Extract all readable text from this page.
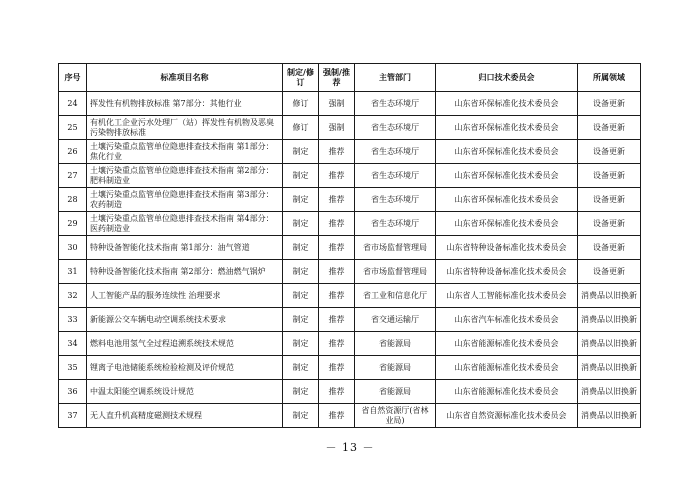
序号	标准项目名称	制定/修订	强制/推荐	主管部门	归口技术委员会	所属领域
24	挥发性有机物排放标准 第7部分：其他行业	修订	强制	省生态环境厅	山东省环保标准化技术委员会	设备更新
25	有机化工企业污水处理厂（站）挥发性有机物及恶臭污染物排放标准	修订	强制	省生态环境厅	山东省环保标准化技术委员会	设备更新
26	土壤污染重点监管单位隐患排查技术指南 第1部分：焦化行业	制定	推荐	省生态环境厅	山东省环保标准化技术委员会	设备更新
27	土壤污染重点监管单位隐患排查技术指南 第2部分：肥料制造业	制定	推荐	省生态环境厅	山东省环保标准化技术委员会	设备更新
28	土壤污染重点监管单位隐患排查技术指南 第3部分：农药制造	制定	推荐	省生态环境厅	山东省环保标准化技术委员会	设备更新
29	土壤污染重点监管单位隐患排查技术指南 第4部分：医药制造业	制定	推荐	省生态环境厅	山东省环保标准化技术委员会	设备更新
30	特种设备智能化技术指南 第1部分：油气管道	制定	推荐	省市场监督管理局	山东省特种设备标准化技术委员会	设备更新
31	特种设备智能化技术指南 第2部分：燃油燃气锅炉	制定	推荐	省市场监督管理局	山东省特种设备标准化技术委员会	设备更新
32	人工智能产品的服务连续性 治理要求	制定	推荐	省工业和信息化厅	山东省人工智能标准化技术委员会	消费品以旧换新
33	新能源公交车辆电动空调系统技术要求	制定	推荐	省交通运输厅	山东省汽车标准化技术委员会	消费品以旧换新
34	燃料电池用氢气全过程追溯系统技术规范	制定	推荐	省能源局	山东省能源标准化技术委员会	消费品以旧换新
35	锂离子电池储能系统检验检测及评价规范	制定	推荐	省能源局	山东省能源标准化技术委员会	消费品以旧换新
36	中温太阳能空调系统设计规范	制定	推荐	省能源局	山东省能源标准化技术委员会	消费品以旧换新
37	无人直升机高精度磁测技术规程	制定	推荐	省自然资源厅(省林业局)	山东省自然资源标准化技术委员会	消费品以旧换新
－ 13 －
